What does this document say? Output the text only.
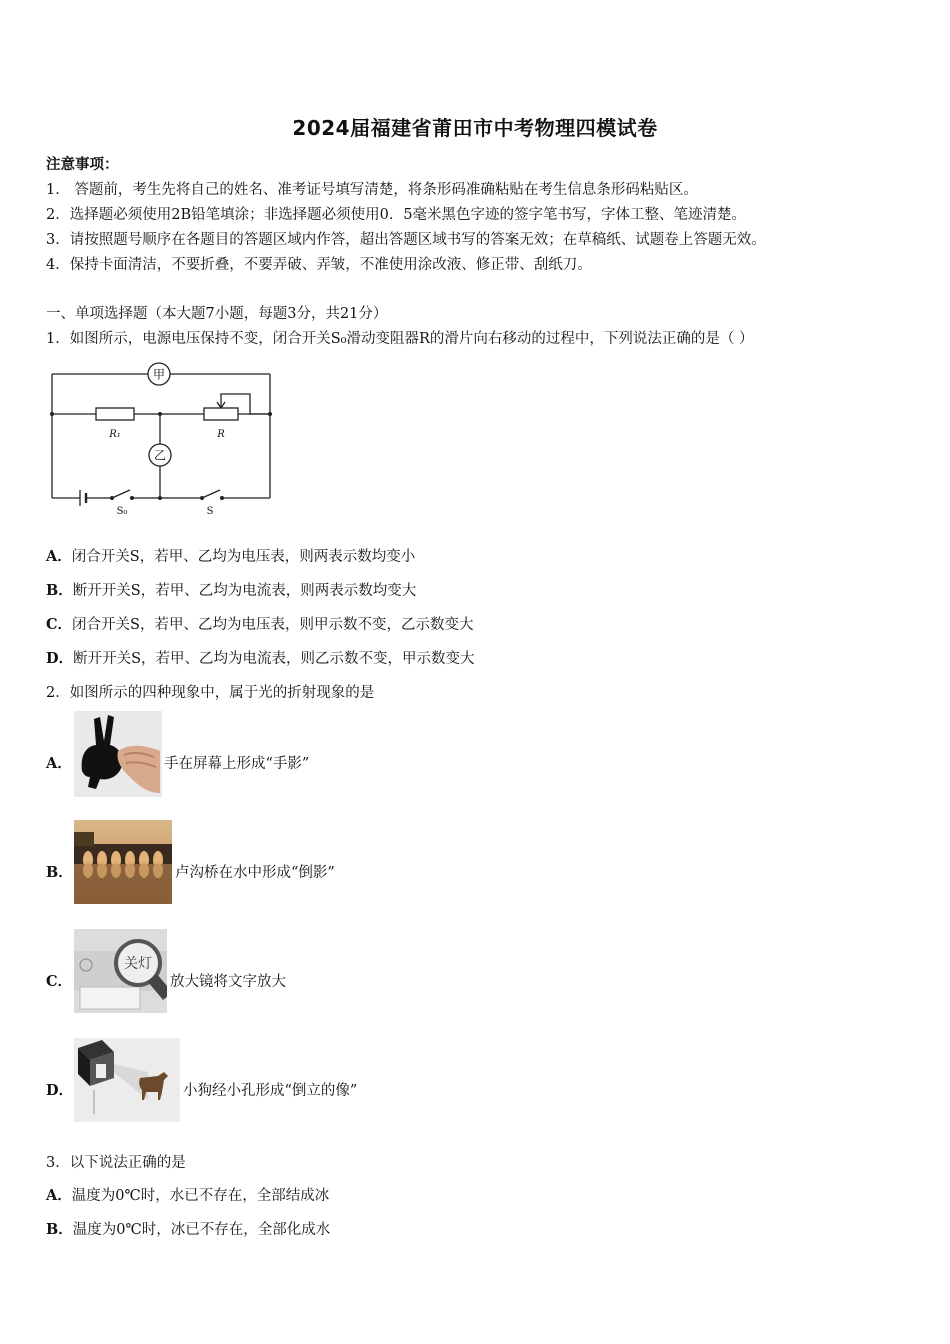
2024届福建省莆田市中考物理四模试卷
注意事项：
1． 答题前，考生先将自己的姓名、准考证号填写清楚，将条形码准确粘贴在考生信息条形码粘贴区。
2．选择题必须使用2B铅笔填涂；非选择题必须使用0．5毫米黑色字迹的签字笔书写，字体工整、笔迹清楚。
3．请按照题号顺序在各题目的答题区域内作答，超出答题区域书写的答案无效；在草稿纸、试题卷上答题无效。
4．保持卡面清洁，不要折叠，不要弄破、弄皱，不准使用涂改液、修正带、刮纸刀。
一、单项选择题（本大题7小题，每题3分，共21分）
1．如图所示，电源电压保持不变，闭合开关S₀滑动变阻器R的滑片向右移动的过程中，下列说法正确的是（ ）
甲
乙
R₁	R
S₀	S
A．闭合开关S，若甲、乙均为电压表，则两表示数均变小
B．断开开关S，若甲、乙均为电流表，则两表示数均变大
C．闭合开关S，若甲、乙均为电压表，则甲示数不变，乙示数变大
D．断开开关S，若甲、乙均为电流表，则乙示数不变，甲示数变大
2．如图所示的四种现象中，属于光的折射现象的是
A．	手在屏幕上形成“手影”
B．	卢沟桥在水中形成“倒影”
C．
关灯
放大镜将文字放大
D．	小狗经小孔形成“倒立的像”
3．以下说法正确的是
A．温度为0℃时，水已不存在，全部结成冰
B．温度为0℃时，冰已不存在，全部化成水
